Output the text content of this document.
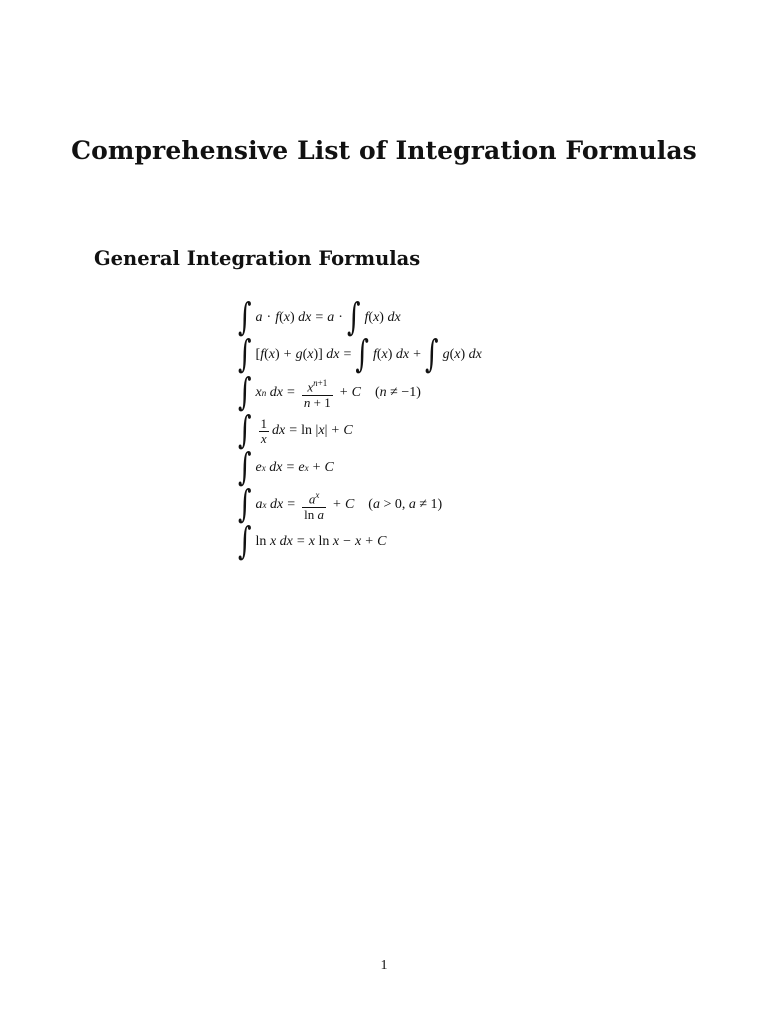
Comprehensive List of Integration Formulas
General Integration Formulas
∫ a · f ( x ) dx = a · ∫ f ( x ) dx
∫ [ f ( x ) + g ( x )] dx = ∫ f ( x ) dx + ∫ g ( x ) dx
∫ x n
dx = $\frac{x^{n+1}}{n + 1} + C$ (n ≠ −1)
∫ $\frac{1}{x}$ dx = ln | x | + C
∫ e x
dx = e x + C
∫ a x
dx = $\frac{a^x}{\text{ln a}} + C$ (a > 0, a ≠ 1)
∫ ln x
dx = x ln x − x + C
1
